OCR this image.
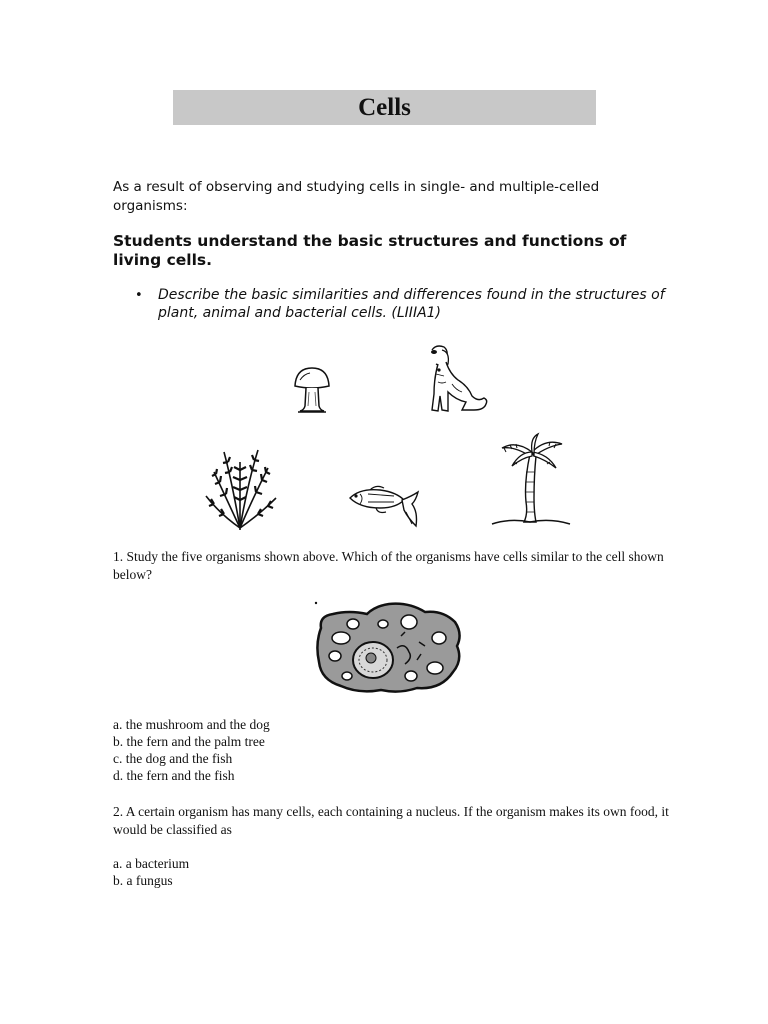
Cells
As a result of observing and studying cells in single- and multiple-celled organisms:
Students understand the basic structures and functions of living cells.
• Describe the basic similarities and differences found in the structures of plant, animal and bacterial cells. (LIIIA1)
1. Study the five organisms shown above. Which of the organisms have cells similar to the cell shown below?
a. the mushroom and the dog
b. the fern and the palm tree
c. the dog and the fish
d. the fern and the fish
2. A certain organism has many cells, each containing a nucleus. If the organism makes its own food, it would be classified as
a. a bacterium
b. a fungus
